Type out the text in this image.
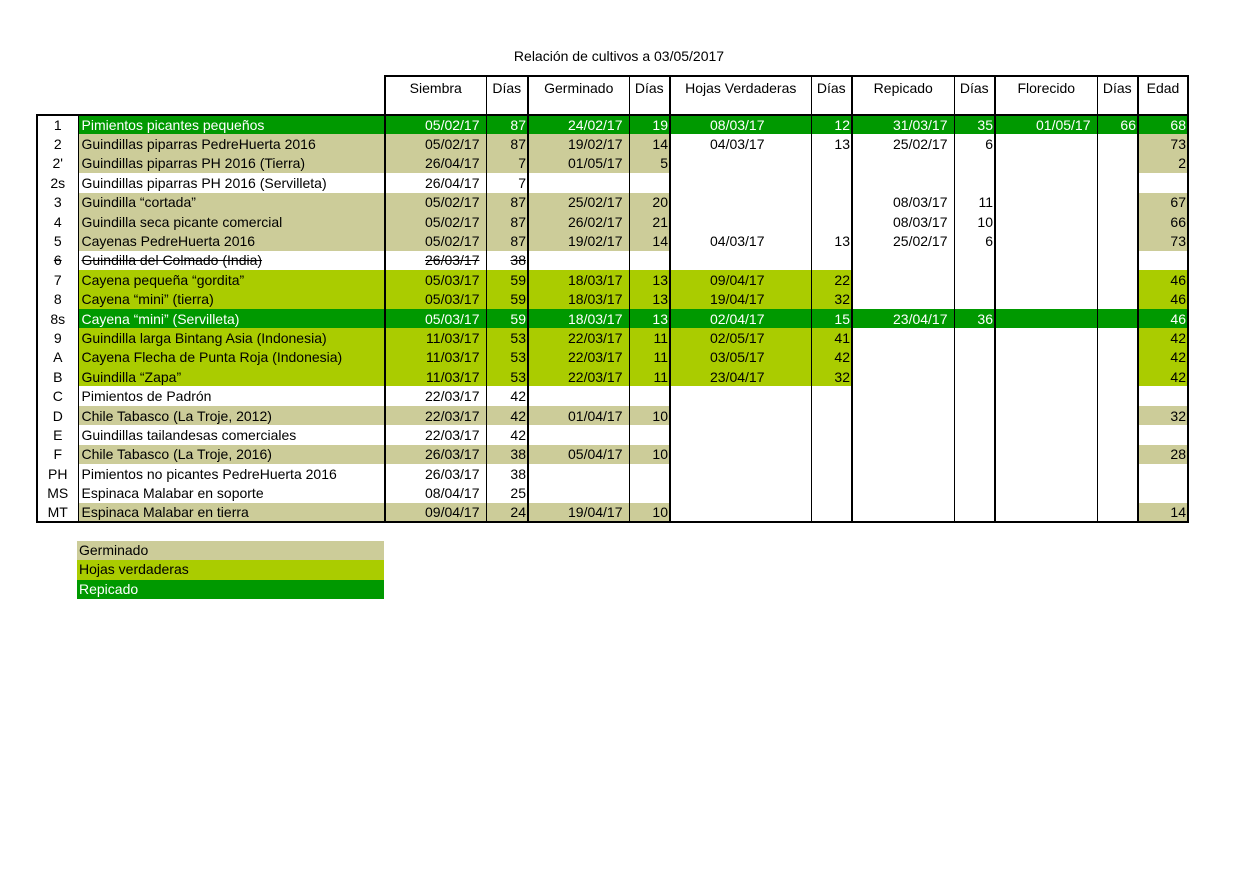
Relación de cultivos a 03/05/2017
		Siembra	Días	Germinado	Días	Hojas Verdaderas	Días	Repicado	Días	Florecido	Días	Edad
1	Pimientos picantes pequeños	05/02/17	87	24/02/17	19	08/03/17	12	31/03/17	35	01/05/17	66	68
2	Guindillas piparras PedreHuerta 2016	05/02/17	87	19/02/17	14	04/03/17	13	25/02/17	6			73
2'	Guindillas piparras PH 2016 (Tierra)	26/04/17	7	01/05/17	5							2
2s	Guindillas piparras PH 2016 (Servilleta)	26/04/17	7									
3	Guindilla “cortada”	05/02/17	87	25/02/17	20			08/03/17	11			67
4	Guindilla seca picante comercial	05/02/17	87	26/02/17	21			08/03/17	10			66
5	Cayenas PedreHuerta 2016	05/02/17	87	19/02/17	14	04/03/17	13	25/02/17	6			73
6	Guindilla del Colmado (India)	26/03/17	38									
7	Cayena pequeña “gordita”	05/03/17	59	18/03/17	13	09/04/17	22					46
8	Cayena “mini” (tierra)	05/03/17	59	18/03/17	13	19/04/17	32					46
8s	Cayena “mini” (Servilleta)	05/03/17	59	18/03/17	13	02/04/17	15	23/04/17	36			46
9	Guindilla larga Bintang Asia (Indonesia)	11/03/17	53	22/03/17	11	02/05/17	41					42
A	Cayena Flecha de Punta Roja (Indonesia)	11/03/17	53	22/03/17	11	03/05/17	42					42
B	Guindilla “Zapa”	11/03/17	53	22/03/17	11	23/04/17	32					42
C	Pimientos de Padrón	22/03/17	42									
D	Chile Tabasco (La Troje, 2012)	22/03/17	42	01/04/17	10							32
E	Guindillas tailandesas comerciales	22/03/17	42									
F	Chile Tabasco (La Troje, 2016)	26/03/17	38	05/04/17	10							28
PH	Pimientos no picantes PedreHuerta 2016	26/03/17	38									
MS	Espinaca Malabar en soporte	08/04/17	25									
MT	Espinaca Malabar en tierra	09/04/17	24	19/04/17	10							14
Germinado
Hojas verdaderas
Repicado
